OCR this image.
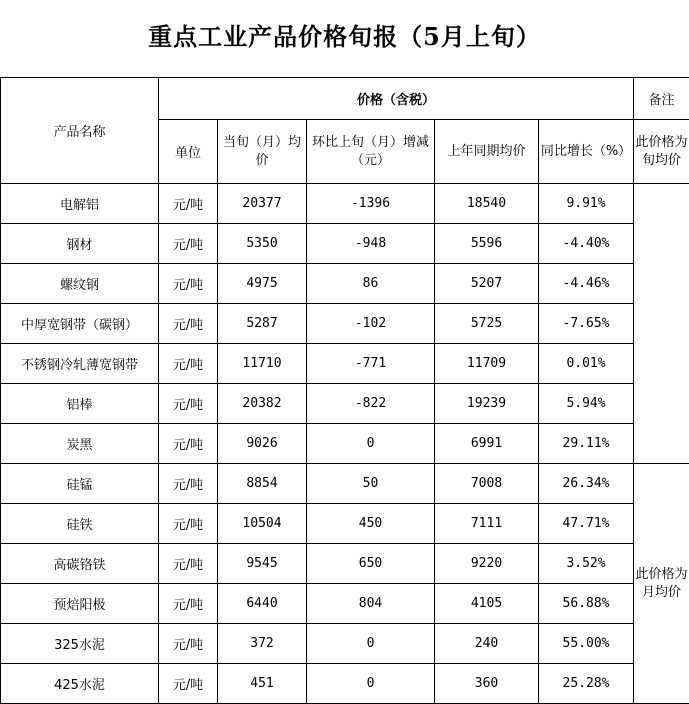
重点工业产品价格旬报（5月上旬）
产品名称	价格（含税）					备注
	单位	当旬（月）均价	环比上旬（月）增减（元）	上年同期均价	同比增长（%）	此价格为旬均价
电解铝	元/吨	20377	-1396	18540	9.91%	
钢材	元/吨	5350	-948	5596	-4.40%	
螺纹钢	元/吨	4975	86	5207	-4.46%	
中厚宽钢带（碳钢）	元/吨	5287	-102	5725	-7.65%	
不锈钢冷轧薄宽钢带	元/吨	11710	-771	11709	0.01%	
铝棒	元/吨	20382	-822	19239	5.94%	
炭黑	元/吨	9026	0	6991	29.11%	
硅锰	元/吨	8854	50	7008	26.34%	此价格为月均价
硅铁	元/吨	10504	450	7111	47.71%	
高碳铬铁	元/吨	9545	650	9220	3.52%	
预焙阳极	元/吨	6440	804	4105	56.88%	
325水泥	元/吨	372	0	240	55.00%	
425水泥	元/吨	451	0	360	25.28%	
